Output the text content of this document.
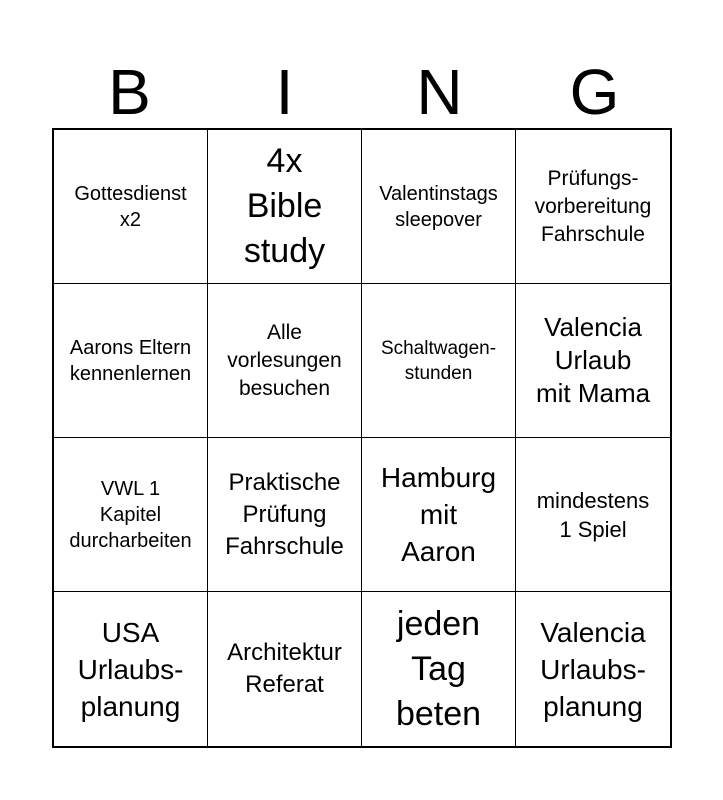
B	I	N	G
Gottesdienst
x2
4x
Bible
study
Valentinstags
sleepover
Prüfungs-
vorbereitung
Fahrschule
Aarons Eltern
kennenlernen
Alle
vorlesungen
besuchen
Schaltwagen-
stunden
Valencia
Urlaub
mit Mama
VWL 1
Kapitel
durcharbeiten
Praktische
Prüfung
Fahrschule
Hamburg
mit
Aaron
mindestens
1 Spiel
USA
Urlaubs-
planung
Architektur
Referat
jeden
Tag
beten
Valencia
Urlaubs-
planung
